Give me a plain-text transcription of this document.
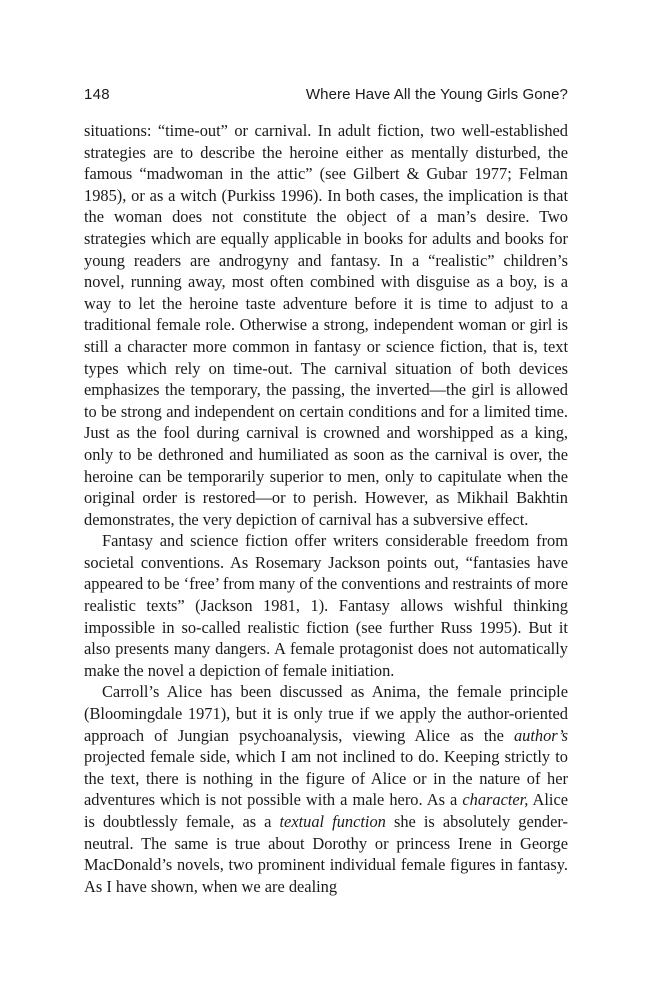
148	Where Have All the Young Girls Gone?

situations: “time-out” or carnival. In adult fiction, two well-established strategies are to describe the heroine either as mentally disturbed, the famous “madwoman in the attic” (see Gilbert & Gubar 1977; Felman 1985), or as a witch (Purkiss 1996). In both cases, the implication is that the woman does not constitute the object of a man’s desire. Two strategies which are equally applicable in books for adults and books for young readers are androgyny and fantasy. In a “realistic” children’s novel, running away, most often combined with disguise as a boy, is a way to let the heroine taste adventure before it is time to adjust to a traditional female role. Otherwise a strong, independent woman or girl is still a character more common in fantasy or science fiction, that is, text types which rely on time-out. The carnival situation of both devices emphasizes the temporary, the passing, the inverted—the girl is allowed to be strong and independent on certain conditions and for a limited time. Just as the fool during carnival is crowned and worshipped as a king, only to be dethroned and humiliated as soon as the carnival is over, the heroine can be temporarily superior to men, only to capitulate when the original order is restored—or to perish. However, as Mikhail Bakhtin demonstrates, the very depiction of carnival has a subversive effect.

Fantasy and science fiction offer writers considerable freedom from societal conventions. As Rosemary Jackson points out, “fantasies have appeared to be ‘free’ from many of the conventions and restraints of more realistic texts” (Jackson 1981, 1). Fantasy allows wishful thinking impossible in so-called realistic fiction (see further Russ 1995). But it also presents many dangers. A female protagonist does not automatically make the novel a depiction of female initiation.

Carroll’s Alice has been discussed as Anima, the female principle (Bloomingdale 1971), but it is only true if we apply the author-oriented approach of Jungian psychoanalysis, viewing Alice as the author’s projected female side, which I am not inclined to do. Keeping strictly to the text, there is nothing in the figure of Alice or in the nature of her adventures which is not possible with a male hero. As a character, Alice is doubtlessly female, as a textual function she is absolutely gender-neutral. The same is true about Dorothy or princess Irene in George MacDonald’s novels, two prominent individual female figures in fantasy. As I have shown, when we are dealing
